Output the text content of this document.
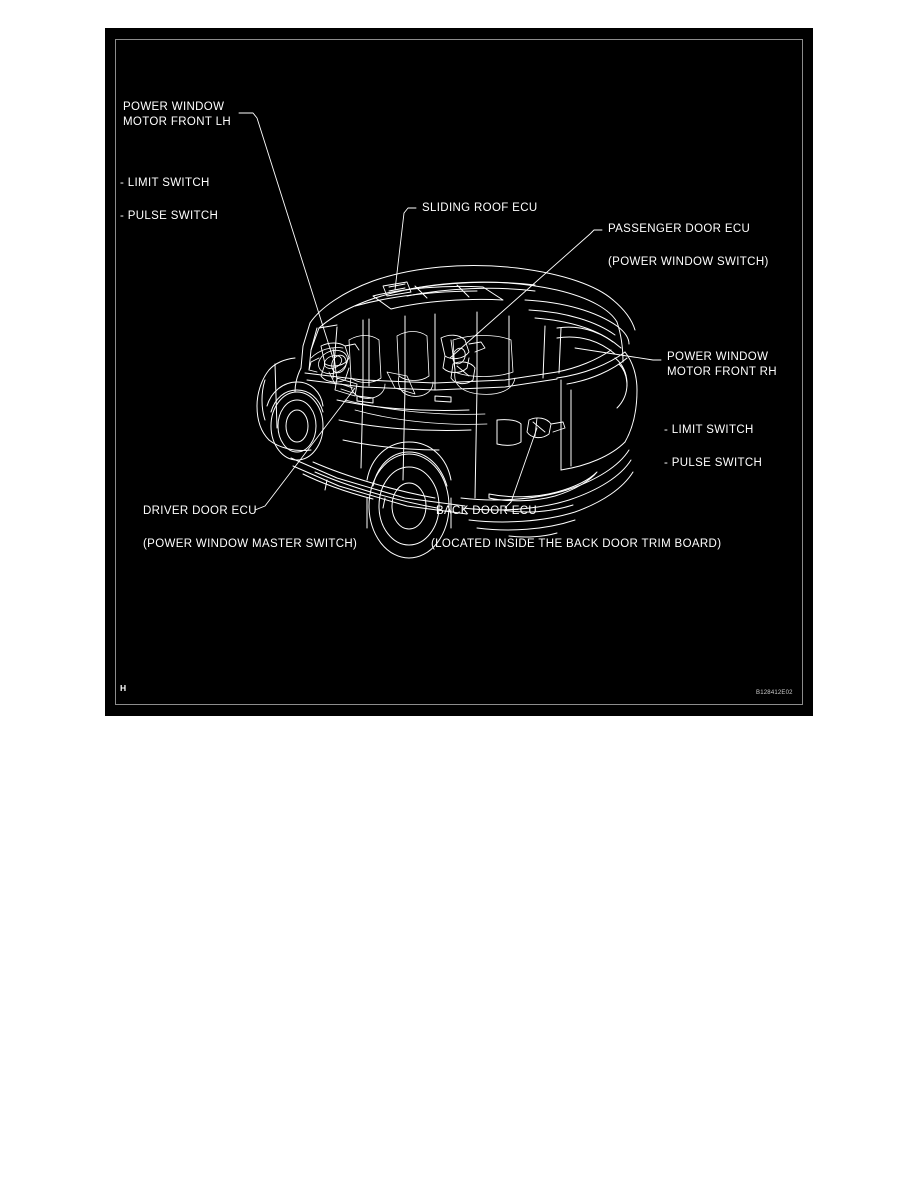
POWER WINDOW
MOTOR FRONT LH
- LIMIT SWITCH
- PULSE SWITCH
SLIDING ROOF ECU
PASSENGER DOOR ECU
(POWER WINDOW SWITCH)
POWER WINDOW
MOTOR FRONT RH
- LIMIT SWITCH
- PULSE SWITCH
DRIVER DOOR ECU
(POWER WINDOW MASTER SWITCH)
BACK DOOR ECU
(LOCATED INSIDE THE BACK DOOR TRIM BOARD)
H	B128412E02
